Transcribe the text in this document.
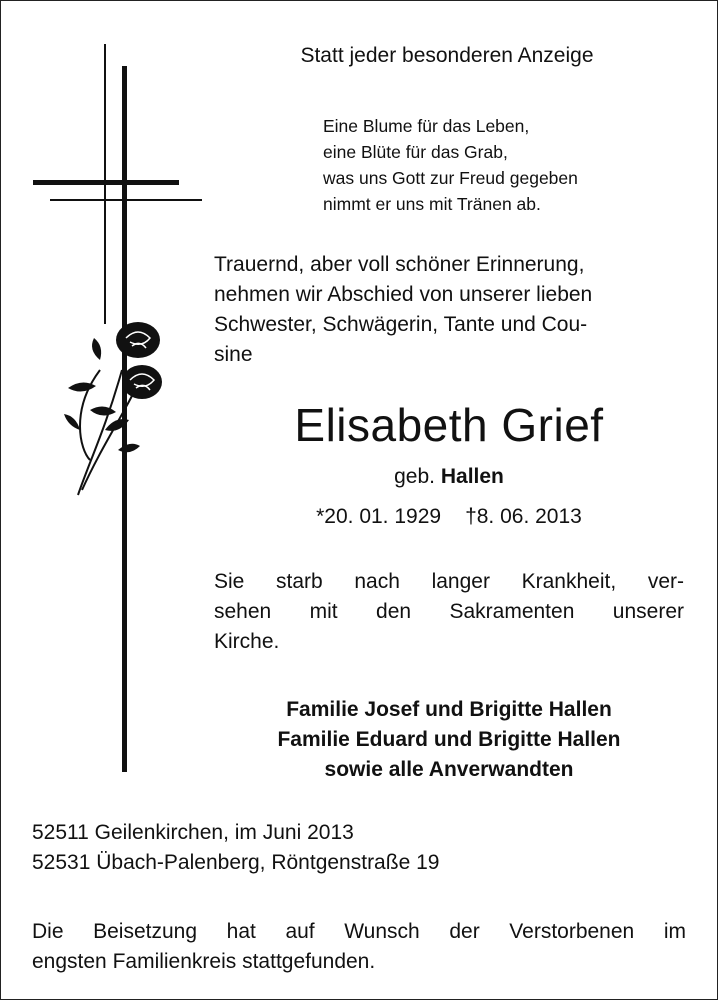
Statt jeder besonderen Anzeige
Eine Blume für das Leben,
eine Blüte für das Grab,
was uns Gott zur Freud gegeben
nimmt er uns mit Tränen ab.
Trauernd, aber voll schöner Erinnerung,
nehmen wir Abschied von unserer lieben
Schwester, Schwägerin, Tante und Cou-
sine
Elisabeth Grief
geb. Hallen
*20. 01. 1929 †8. 06. 2013
Sie starb nach langer Krankheit, ver-
sehen mit den Sakramenten unserer
Kirche.
Familie Josef und Brigitte Hallen
Familie Eduard und Brigitte Hallen
sowie alle Anverwandten
52511 Geilenkirchen, im Juni 2013
52531 Übach-Palenberg, Röntgenstraße 19
Die Beisetzung hat auf Wunsch der Verstorbenen im
engsten Familienkreis stattgefunden.
